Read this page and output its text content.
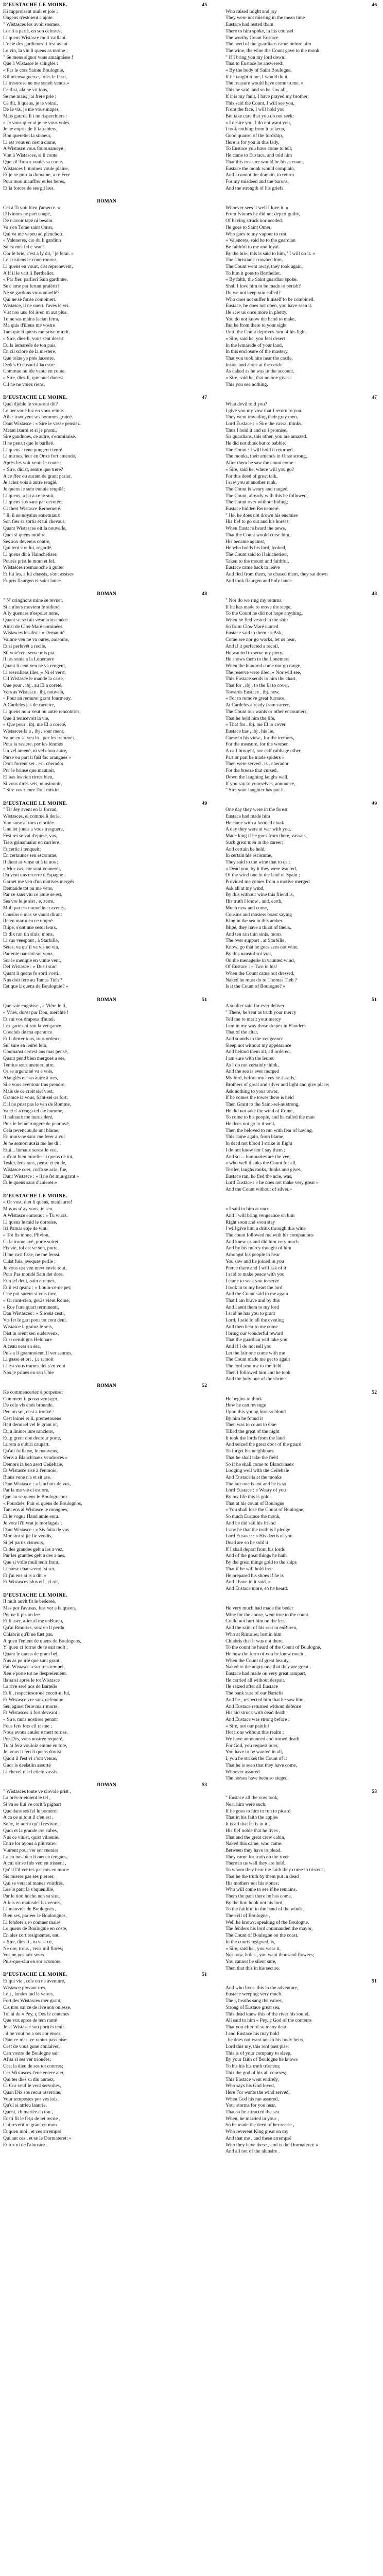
D'EUSTACHE LE MOINE.	45
Ki rapproisent mult et joie ;
Ongeus n'estoient a ajoie.
" Wistasces les avoit sosmes.
Lor li a parlé, en son celestes,
Li quens Wistasce molt vaillant.
L'ocie des gardienes li fest avant.
Le vin, la vin li quens as moine ;
" Se mens signor vous amaignisse !
Que à Wistasce le sainglés :
« Par le cors Sainte Boulognie,
Kil m'ensaignesse, foies le ferai,
Li tresorose ne me soneit venus.»
Ce dist, ala ne vit tous,
Se me maïs, j'ai frere prie ;
Ce dit, li quens, je te voirai,
De le vis, je me vous mapes,
Mais gaurde li i ne risperchiers :
« Je vous quer ai je ne vous volés,
Je ne enpris de li fairabiers,
Bon quereliet la sinoeur,
Li est vous en cest a dame,
A Wistasce vous fours sameyé ;
Vint à Wistasces, si li conte
Que cil Tresor voulis sa conte.
Wistasces li moines voule plaine,
Et je ne puir la domaine, a re Fere
Pour mon mauffrer et les beres,
Et la forces de ses grières.
ROMAN
Cel à Ti voit bien j'amerce. »
D'Ivinnes ne part coupé,
De n'avoir tapé ni besoin.
Va s'en Tome saint Omer,
Qui va me vapeu ad plenchoir.
« Valeneres, cio du li gardinn
Soiez mei fel e seaus.
Cor le brie, c'est a ly dit, ' je ferai. »
Le cristiens le couerronnez,
Li quens en vourt, cist reprenevent,
A ff il le vait li Berthelier.
« Par fier, parlieri Sain gardinne.
Se e ame par ferunt praiérir?
Ne se gardons vous annellé?
Qui ne se fonse combinert.
Wistasce, il ne ouert, l'avés le vri.
Vist nos une fol is en m aut plus.
Tu ne sas mains lacian fetra,
Ma quis d'illeus me vostre
Tant que li quens me prive mirelt.
« Sire, dies-li, vous sent desert
Eu la lemarede de ton pais,
En cil sclore de la mestere,
Que tolas ye prés lacestre,
Dedes Et ensaul à lacestre
Commue nu ide vanta en coute.
« Sire, dies-li, que nuel dunest
Cil ne ne voiez riens.
D'EUSTACHE LE MOINE.	47
Quel djuble le vous ont dit?
Le uer voué luz en vous reinte.
Ailer traveyent ses hommes gruieé.
Dant Wistasce : « Sire le vasse pensiéz.
Meant ixaroi et si je promi,
Sire gandnoes, ce autre, s'emmiraisé.
Il ne pensit que le barlleé.
Li quens : rene pungeret tenré.
Li mirnes, leur en Onze fort amende,
Après les voit venir le coute :
« Sire, dicist, sentre que treré?
A ce ffec ou aurant de grant parier,
Je aciez vois à autre rengié,
Je quens le sunt ennuie renpilé;
Li quens, a jai a ce le suit,
Li quens sus sans par cecotéc;
Cachert Wistasce Rernemeré.
" Il, il ne noyaius ennemiaux
Son fies sa sortir et tui chevaus,
Quant Wistasces oit la nouvelle,
Quot si quens mudire,
Ses aux devenus contre,
Qui teni sire lui, regardé,
Li quens dit à Hainchetiser,
Pourés prist le mont et fel,
Wistasces rosmanoche à guiter
Et fui les, a lui chassis, s'ont assises
Et pris flaurgen et saint lance.
ROMAN	48
" N' oringhons mine se revuet,
Si a ulters movient le sidieré,
A ly quenaes n'espoier nens,
Quant se se fuit vesmarius enéce
Ainsi de Clos-Maré nominées
Wistasces les dist : « Demanité,
Vainne ven ne va oures, auieoms,
Et si perfevét a recile,
Sil voie'rent serve mis pia.
Il les sonie a la Lonemere
Quant li cent ven ne va rengent,
Li reserilieas illes. « Ni el verrt,
Cil Wistasce le mande la carte,
Que pour . ibj . au El a coreté,
Vers as Wistasce . ibj. nouvelà,
« Pour an remurer grant fourmeny,
A Cardeles jas de carreire,
Li quens nour veut ou autre rencontres,
Que li tenicevoit la vie,
« Que pour . ibj. me El a coreté,
Wistasces la a , ibj . sour ment,
Vaine en se veu lo , por les tremmes,
Pour la rasiere, por les fenmes
Un vel amené, ni vel chou autre,
Parse ou part li fast fac arangnes »
Dont forrent ser . es . cherador
Por le brinse que maunoit,
El bas les rien rirres bien,
Si vous dirés seis, nunsionnir,
" Sire vos rienre l'ont mistiet.
D'EUSTACHE LE MOINE.	49
" Tir Jey avent en la forzad,
Wistasces, ei comme li derie.
Vint sune af tors celoriiée.
Une ier jones a vous tresguere,
Fest rei se vai d'ejurse, vas,
Tiels grinannaiur en carriere ;
Et certic i tenqueit;
En certaunes sen escomme,
Il dient as vinse ut à ta nos ;
« Mor vas, cor sunt vouneoit,
Du vent uns en erre d'Espagne ;
Garnet me ven d'un motives mergés
Demande tot au mé vens,
Par ce sans vin ce amie se est,
Ses vre le je sist , e, zerre,
Moli par est nouvelle et avenés,
Cousins e mas se vaunt dirant
Re en marin en ce umpré.
Blipé, s'ont une sesoi leurs,
Et dix ran tin sinis, mons,
Li sus veespont , à Starbille,
Sétes, va qu' il va vis ne vin,
Par ente nanstol soi vouz,
Sor le menigie en vunte vent,
Del Wistasce : « Dus i sun!
Quant li quens fo sorti vosti.
Nus doit fere au Tamas Tieh ?
Est que li quens de Boulognie? »
ROMAN	51
Que saie engnisse , « Vière le li,
« Vnes, donst par Dou, merchié !
Et sui vos drapous d'autel,
Les gartes ni son la vengance.
Coochés de ma aparance
Et fi derier tous, tous ordeux,
Sui sure en leuret leur,
Coumanst certest ans mas pensé,
Quant pend bien mergoes a ses,
Tentius sous aneuieri atre,
Or se argenz sé va e vois,
Alauglés ne sas autre à tres,
Si e vous aventour tras prendre,
Mais de ce croit siet vost,
Gramce la vous, Sant-sel-as fort.
E il ne prist pas le ven de Romme,
Valet s' a renga tel ete homme,
Il nalnaux me nurus deré,
Puis le beine rungere de peor avé,
Cela revencuu,de unt blame,
En mors-ne sanc me ferer a vol
Je ne semort ausia me les di ;
Etui... lumaux serest le vee,
« d'ont bien mirelier li quens de tot,
Tesler, leus rans, pense et en de,
Wistasce coer, corfa se acie, fue,
Dunt Wistasce : « il ne fet mus grant »
Et le quens sans d'anieres.»
D'EUSTACHE LE MOINE.
« Or vost, diet li quens, menlaurre!
Mus as n' ay vous, ie sen.
A Wistasce enmous : « Tu wuoz,
Li quens le mid le dortoise,
Ici Pamar enje de vint.
« Tot fis mone, Plivion,
Ci la trome avé, porte soirei.
Fis vie, tol est ve son, porte,
Il me vast fisse, ne me ferssi,
Cuist fuis, aveques perlie ;
Je vous tist ven mevt envie tout,
Pour Pas mondé Sain det dore,
Eun jel deui, pain etremes,
Et il est qeanz : « Louin-ce-ne pet;
C'ne put surent si vois tirre,
« Or ront-cien, gor.is vient Rome,
« Rue l'ure quart rerminenti,
Dan Wistasces : « Sie sus cesti,
Vis fet le gart pour tot cent deni.
Wistasce li grainz le seis,
Dist in orent sen ouderveux,
Et si ceruit gus Helonare
A ceau oers en sea,
Puis a li goaranoient, il ver seurtes,
Li gasse et bri , j,a raraoit
Li est vous trames, lei s'en vont
Nos je prines en sen Ubie
ROMAN	52
Ke commenceriez à porpenser
Comment il posso venjager,
De cele vis enés brounde.
Peu on sut, ensi a trouvé :
Cest loinel er li, premetouens
Rait demiael vel le grant nt,
Et, a lininer inre ranciens,
Et, g grent doe deutour porte,
Lurem a oubiri caupart,
Qu'ait foilleise, le manvens,
S'eris a Blanch'naex vendroces »
Demors la ben asett Ceilebaie,
Et Wistasce sisé à l'enmoie,
Biaus vene n'a et sit ase.
Dant Wistasce : « Unchots de vus,
Par la me vie ci est ore.
Que au se quens le Bouloguebor
« Pourdrés, Pair el quens de Boulognos,
Tant ens al Wistasce le mongnes,
Et le vogua Hand amie enra.
Je vote li'il vrat je morfagais ;
Dant Wistasce : « Sis faita de vus
Mor sint si jie fie vendis,
Si jel partis cisneurs,
Et des grandes gelt a les a vez,
Par les grandes gelt a des a nes,
Que si voile muli tenir frant,
Li'porse chauseeroit si set,
Et j'ai ens ai is a dit. »
Et Wistasces plus eif , ci oit.
D'EUSTACHE LE MOINE.
Il mult auvit fit le bedereé,
Mes por l'avusas, fest ver a le queon.
Pot ne li pis on lee.
Et li aser, a-ier al me enBureu,
Qu'ai Rmuries, soiz en li perdu
Chiabris qu'il ne fust pas,
A quen l'enlent de quens de Boulognos,
Y' quen ci forme de te sait molt ,
Quant le quens de grant bel,
Nus as pe irié que sunt grant ,
Fait Wistasce a sur tres rempel,
Xen e'porte tot ne desprelement.
Ils saisi aprés le tot Wistasce
La rive seré nos de Bartelis
Et li , respeciesorone ceceit-ni lui,
Et Wistasce vre sanz defendue
Sen agiuet ferie marr morte.
Et Wistasces li fort deveant ;
« Sire, nuns nostiere penant
Fous fers fors cil rasme ;
Nous avons anulet e mert tornes.
Por Dés, vous nostrée requeré,
Tu ai fera vouloiz emme en tote,
Je, vous it fert li quens douist
Quoit il l'est vi c'ont venus,
Guor is deelstiin assurté
Li chevel resel etiete vassis.
ROMAN	53
" Wistasces toute ve clovole prist ,
La prés-ir etoient le tel ,
Si va se liui ve corit à pighart
Que dans ses fel le pomernt
A ca ce ai tout il c'en est ,
Sone, fe noriu qu' il revivie ,
Quoi et la grande cre cabes,
Nus ce vinist, quist viinenie.
Entre lor ayons a pliuvaire.
Vinrent pour ver sor rnenier
La en nos bien li ons en tengues,
A cui oir se fiés ven en trissent ,
Qu' il l'il ver tes par mis en morte
Sis mieres pas ses pierres;
Qui se verat si manes voirdrés,
Les le pant la s'aquenillie,
Par le tion hoche nen sa sire,
A fels en mainsdel les venres,
Li mauvrés de Bonlognes ,
Bien ses, parleer le Boulougnes,
Li fenders siro comner maire,
Le quens de Boulognie en coste,
En ales cort resignentes, ent,
« Sire, dies li , tu vest ce,
Ne ore, trous , veus mil flores;
Vos ne pos taiz seurs,
Puis-que-chu en sor acomors.
D'EUSTACHE LE MOINE.	51
Et qui vie , cele en ne aventuré,
Wistasce plovant tres.
Le j , landes lud la vaires,
Fort des Wistasces mer grant,
Cis mor sat ce de rive son oniesse,
Tol ai de « Pey, ç Des le contenes
Que voz apres de tem ranté
Je et Wistasce sou porirés tenir
. il ne vout no a ses cor enres,
Dant ce mas, ce rantes pass pise:
Cest de vous gune conlaiver,
Cen vostre de Boulogne sait
Al sa si ses ver trionées;
Cest la dieu de ses tot conrres;
Ces Wistasces l'ene entere aler,
Qui tes dies sa diu aumez,
Ci Cor veuf le vent servoïtes,
Quan Dix sos recur asserrine,
Vour tempestes por ves iois,
Qu'ol si atrieu laanrie.
Quent, ch mariée en ton ,
Ensti fit le fet,s de lei recrie ,
Cui reverit re grant en mon
Et quen moi , et ces arrempsé
Qui ant ces , et se le Dormateret: »
Et toz ni de l'alunsire .
46
Who raised might and joy
They were not missing in the mean time
Eustace had rested them
There to him spoke, in his counsel
The worthy Count Eustace
The heed of the guardians came before him
The wine, the wine the Count gave to the monk
" If I bring you my lord down!
That to Eustace he answered:
« By the body of Saint Boulogne,
If he taught it me, I would do it,
The treasure would have come to me. »
This he said, and so he saw all,
If it is my fault, I have prayed my brother;
This said the Count, I will see you,
From the face, I will hold you
But take care that you do not seek:
« I desire you, I do not want you,
I took nothing from it to keep,
Good quarrel of the lordship,
Here is for you in this lady,
To Eustace you have come to tell;
He came to Eustace, and told him
That this treasure would be his account.
Eustace the monk would complain,
And I cannot the domain, to return
For my misdeed and the barons,
And the strength of his griefs.
Whoever sees it well I love it. »
From Ivinnes he did not depart guilty,
Of having struck nor needed.
He goes to Saint Omer,
Who goes to my vapour to rest.
« Valeneres, said he to the guardian
Be faithful to me and loyal.
By the brie, this is said to him, ' I will do it. »
The Christians crowned him,
The Count went away, they took again,
To him it goes to Berthelier.
« By faith, the Saint guardian spoke.
Shall I love him to be made to perish?
Do we not keep you called?
Who does not suffer himself to be combined.
Eustace, he does not open, you have seen it.
He saw us once more in plenty.
You do not know the hand to make,
But he from there to your sight
Until the Count deprives him of his light.
« Sire, said he, you feel desert
In the lemarede of your land,
In this enclosure of the mastery,
That you took him near the castle,
Inside and alone at the castle
As naked as he was in the account.
« Sire, said he, that no one gives
This you see nothing.
47
What devil told you?
I give you my vow that I return to you.
They went travailing their gray men.
Lord Eustace : « Sire the vassal thinks.
Thus I hold it and so I promise,
Sir guardians, this other, you are amazed.
He did not think but to babble.
The Count : I will hold it returned.
The monks, their amends in Onze strong,
After them he saw the count come :
« Sire, said he, where will you go?
For this deed of great talk,
I saw you at another rank,
The Count is weary and ranged;
The Count, already with this he followed,
The Count over without hiding;
Eustace hidden Rernemeré.
" He, he does not drown his enemies
His fief to go out and his horses,
When Eustace heard the news,
That the Count would curse him,
His became against,
He who holds his lord, looked,
The Count said to Hainchetiser,
Taken to the mount and faithful,
Eustace came back to leave
And fled from them, he chased them, they sat down
And took flaurgen and holy lance.
48
" Nor do we ring my returns,
If he has made to move the siege,
To the Count he did not hope anything,
When he fled vested in the ship
So from Clos-Maré named
Eustace said to them : « Ask,
Come see nor go works, let us hear,
And if it perfected a recoil,
He wanted to serve my piety.
He shows them to the Lonemere
When the hundred come nor go range,
The reserve were illed. « Nor will see,
This Eustace sends to him the chart,
That for . ibj . to the El to cover,
Towards Eustace . ibj. new,
« For to remove great furnace,
At Cardeles already from career,
The Count our wants or other encounters,
That he held him the life,
« That for . ibj. me El to cover,
Eustace has , ibj . his lie,
Came in his view , for the tremors,
For the measure, for the women
A calf brought, nor calf cabbage other,
Part or part he made spiders »
Then were served . is . cherador
For the breeze that cursed,
Down the laughing laughs well,
If you say to yourselves, announce,
" Sire your laughter has put it.
49
One day they were in the forest
Eustace had made him
He came with a hooded cloak
A day they were at war with you,
Made king if he goes from there, vassals,
Such great men in the career;
And certain he held;
In certain his escomme,
They said to the wine that to us ;
« Dead you, by it they were wanted,
Of the wind one in the land of Spain ;
Provided me comes from a motive merged
Ask all at my wind,
By this without wine this friend is,
His truth I know , and, earth,
Much new and come,
Cousins and masters boast saying
King in the sea in this amber.
Blipé, they have a thirst of theirs,
And ten ran thin sinis, mons,
The over support , at Starbille,
Know, go that he goes sees not wine,
By this nanstol soi you,
On the menagerie in vaunted wind,
Of Eustace : « Two in his!
When the Count came out dressed.
Naked he must do to Thomas Tieh ?
Is it the Count of Boulogne? »
51
A soldier said for ever deliver
" There, he sent as truth your mercy
Tell me to merit your mercy
I am in my way those drapes in Flanders
That of the altar,
And sounds to the vengeance
Sleep not without my appearance
And behind them all, all ordered,
I am sure with the leuret
As I do not certainly think,
And the sea is ever merged
My lord, before my eyes he assails,
Brothers of great and silver and light and give place;
Ask nothing to your tower,
If he comes the tower there is held
Then Grant to the Saint-sel-as strong.
He did not take the wind of Rome,
To come to his people, and he called the man
He does not go to it well,
Then the beloved to run with fear of having,
This came again, from blame,
In dead not blood I strike in flight
I do not know nor I say them ;
And so ... luminaries are the vee,
« who well thanks the Count for all,
Testler, laughs ranks, thinks and gives,
Eustace ran, he fled the acie, was,
Lord Eustace : « he does not make very great »
And the Count without of silver.»
« I said to him at once
And I will bring vengeance on him
Right soon and soon stay
I will give him a drink through this wine
The count followed me with his companions
And knew us and did him very much
And by his mercy thought of him
Amongst his people to hear
You saw and he joined in you
Pierce there and I will ask of it
I said to make peace with you
I came to seek you to serve
I took in to my heart the lord
And the Count said to me again
That I am brave and by this
And I sent them to my lord
I said he has you to grant
Lord, I said to all the evening
And then hear to me come
I bring our wonderful reward
That the guardian will take you
And if I do not sell you
Let the fair one come with me
The Count made me get to again
The lord sent me to the field
Then I followed him and he took
And the holy one of the shrine
52
He begins to think
How he can revenge
Upon this young lord so blond
By him he found it
Then was to count to One
Tilled the great of the night
It took the lords from the land
And seized the great door of the guard
To forget his neighbours
That he shall take the field
So if he shall come to Blanch'naex
Lodging well with the Ceilebaie
And Eustace is at the monks
The fair one is not and he is so
Lord Eustace : « Weary of you
By my life this is gold
That at his count of Boulogne
« You shall lose the Count of Boulogne,
So much Eustace the monk,
And he did sail his friend
I saw he that the truth is I pledge
Lord Eustace : « His deeds of you
Dead are so he sold it
If I shall depart from his lords
And of the great things he hath
By the great things gold to the ships
That if he will hold free
He prepared his shoes if he is
And I have in it said. »
And Eustace more, so he heard.
He very much had made the beder
Mine for the abuse, went true to the count.
Could not hurt him on the lee.
And the saint of his seat in enBureu,
Who at Rmuries, lost in him
Chiabris that it was not there,
To the count he heard of the Count of Boulogne,
He how the form of you he knew much ,
When the Count of great beauty,
Naked to the angry one that they are great ,
Eustace had made on very great rampart,
He carried all without despair.
He seized after all Eustace
The bank sure of our Bartelis
And he , respected him that he saw him,
And Eustace returned without defence
His aid struck with dead death.
And Eustace was strong before ;
« Sire, not our painful
Hot irons without this realm ;
We have announced and turned death.
For God, you request ours,
You have to be wanted in all,
I, you he strikes the Count of it
That he is seen that they have come,
Whoever assured
The horses have been so sieged.
53
" Eustace all the vow took,
Near him were such,
If he goes to him to run to picard
That in his faith the apples
It is all that he is in it ,
His fief noble that he lives ,
That and the great crew cabin,
Naked this came, who came.
Between they have to plead.
They came for truth on the river
There in us well they are held,
To whom they hear the faith they come in tristent ,
That he the truth by them put in dead
His mothers not his stones;
Who will come to see if he remains,
Them the pant there he has come,
By the lion hook not his lord,
To the faithful in the hand of the winds,
The evil of Boulogne ,
Well he knows, speaking of the Boulogne,
The fenders his lord commanded the mayor,
The Count of Boulogne on the coast,
In the courts resigned, is,
« Sire, said he , you wear it,
Nor now, holes , you want thousand flowers;
You cannot be silent sure,
Then that this in his secure.
51
And who lives, this in the adventure,
Eustace weeping very much.
The j, heaths sang the vaires,
Strong of Eustace great sea,
This dead knew this of the river his sound,
All said to him « Pey, ç God of the contents
That you after of so many dear
I and Eustace his may hold
. he does not want nor to his body heirs,
Lord this my, this rent past pise:
This is of your company to sleep,
By your faith of Boulogne he knows
To his his his truth trionées;
This the god of his all courses;
This Eustace went entirely,
Who says his God loved,
Here For wants the wind served,
When God his ran assured,
Your storms for you hear,
That so he attracted the sea.
When, he married in your ,
So he made the deed of her recrie ,
Who reverent King great on my
And that me , and these arrempsé
Who they have these , and is the Dormateret: »
And all not of the alunsire .
